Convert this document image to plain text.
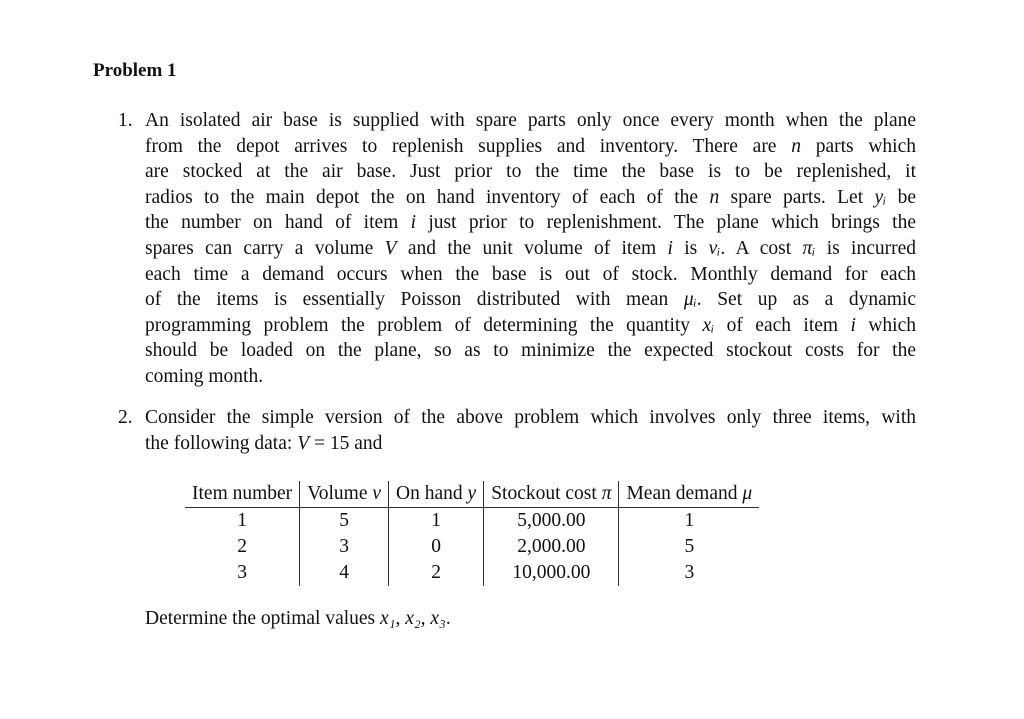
Problem 1
1. An isolated air base is supplied with spare parts only once every month when the plane
from the depot arrives to replenish supplies and inventory. There are n parts which
are stocked at the air base. Just prior to the time the base is to be replenished, it
radios to the main depot the on hand inventory of each of the n spare parts. Let yᵢ be
the number on hand of item i just prior to replenishment. The plane which brings the
spares can carry a volume V and the unit volume of item i is vᵢ. A cost πᵢ is incurred
each time a demand occurs when the base is out of stock. Monthly demand for each
of the items is essentially Poisson distributed with mean μᵢ. Set up as a dynamic
programming problem the problem of determining the quantity xᵢ of each item i which
should be loaded on the plane, so as to minimize the expected stockout costs for the
coming month.
2. Consider the simple version of the above problem which involves only three items, with
the following data: V = 15 and
Item number	Volume v	On hand y	Stockout cost π	Mean demand μ
1	5	1	5,000.00	1
2	3	0	2,000.00	5
3	4	2	10,000.00	3
Determine the optimal values x₁, x₂, x₃.
